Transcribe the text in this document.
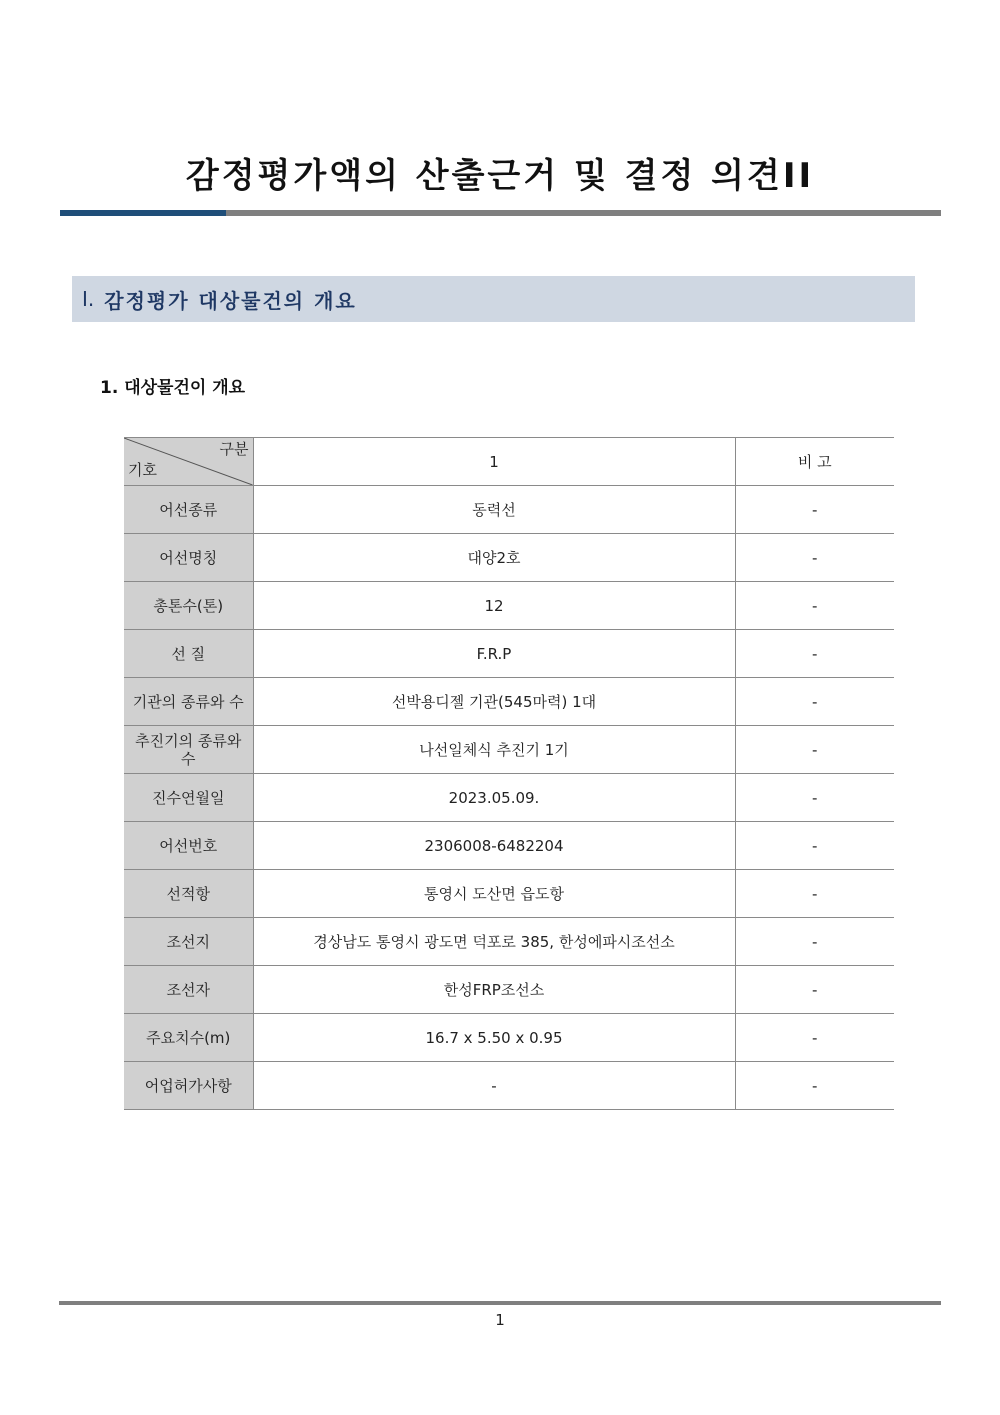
감정평가액의 산출근거 및 결정 의견II
I. 감정평가 대상물건의 개요
1. 대상물건이 개요
구분
기호	1	비 고
어선종류	동력선	-
어선명칭	대양2호	-
총톤수(톤)	12	-
선 질	F.R.P	-
기관의 종류와 수	선박용디젤 기관(545마력) 1대	-
추진기의 종류와 수	나선일체식 추진기 1기	-
진수연월일	2023.05.09.	-
어선번호	2306008-6482204	-
선적항	통영시 도산면 읍도항	-
조선지	경상남도 통영시 광도면 덕포로 385, 한성에파시조선소	-
조선자	한성FRP조선소	-
주요치수(m)	16.7 x 5.50 x 0.95	-
어업허가사항	-	-
1
